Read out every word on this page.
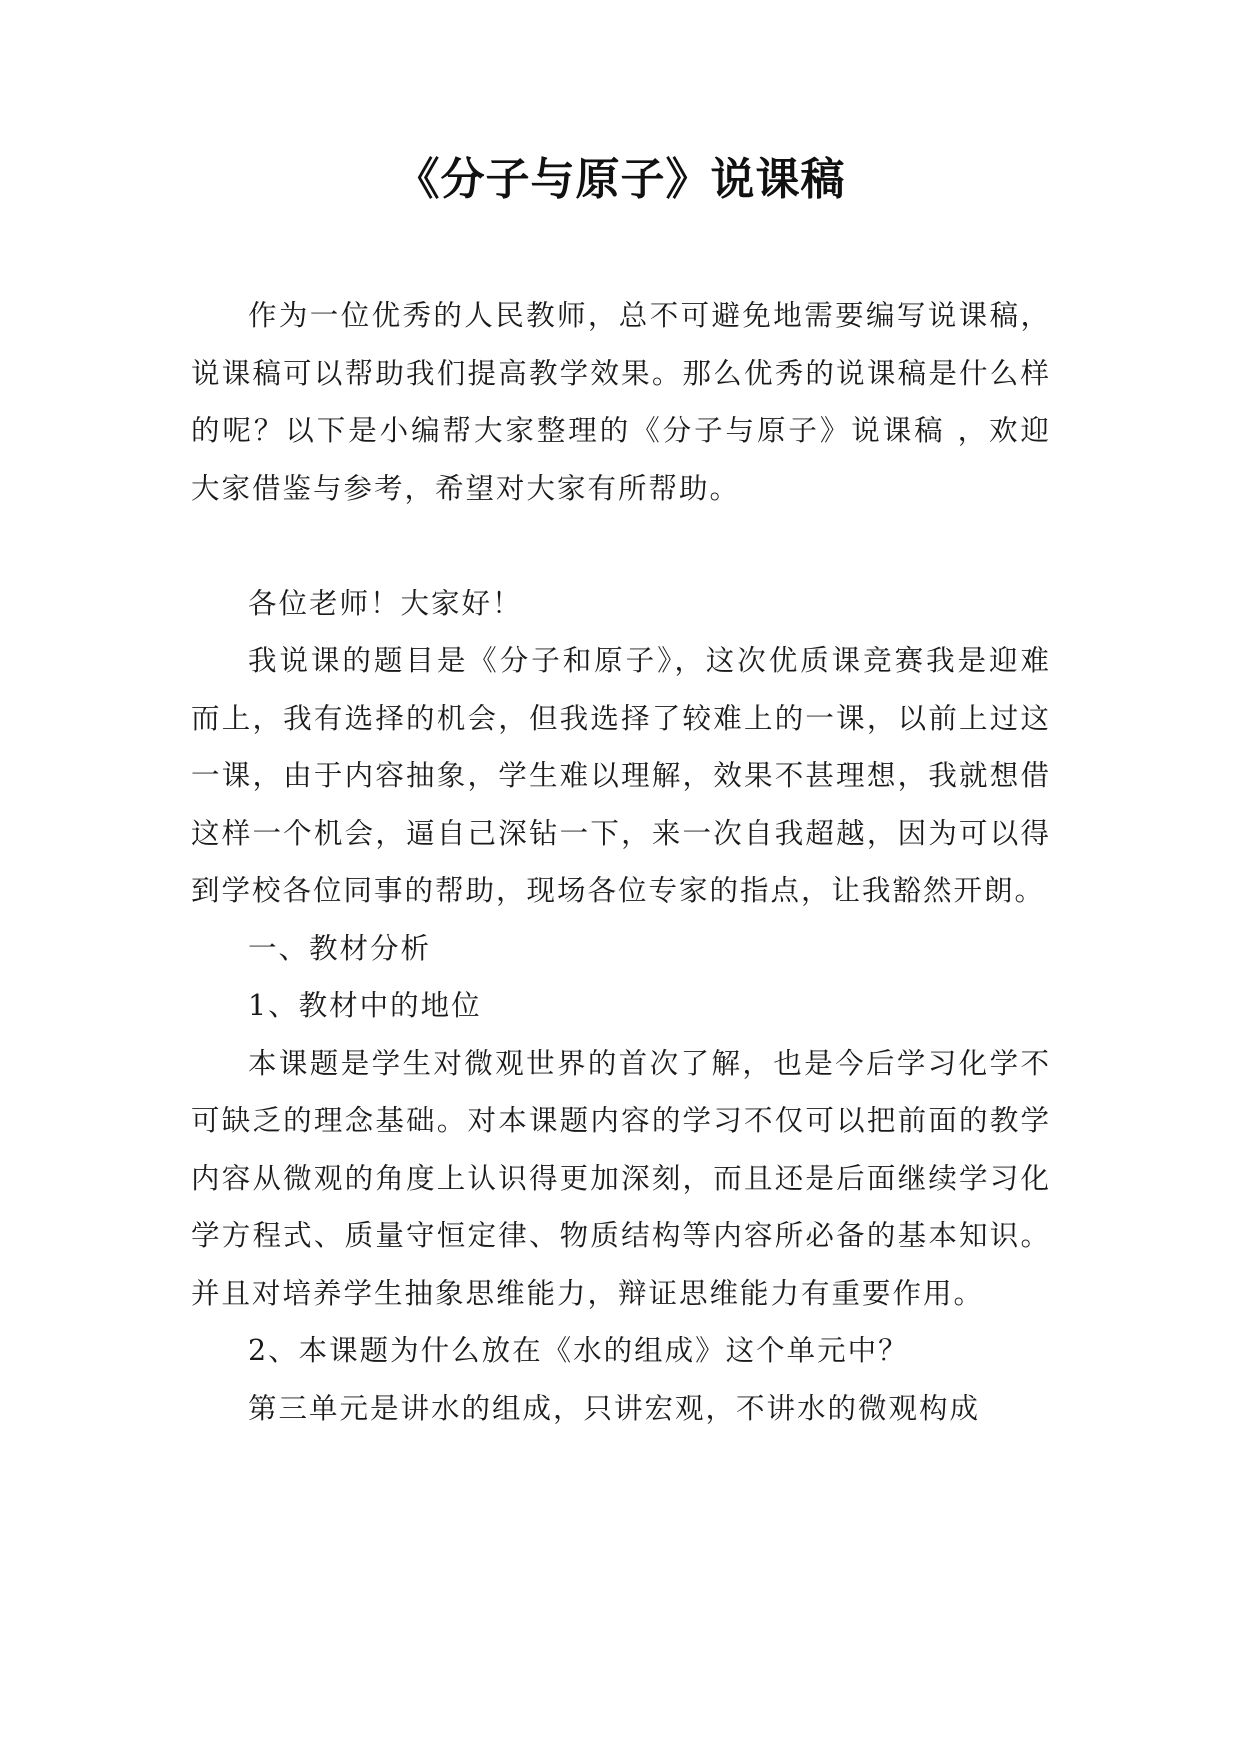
《分子与原子》说课稿

作为一位优秀的人民教师，总不可避免地需要编写说课稿，说课稿可以帮助我们提高教学效果。那么优秀的说课稿是什么样的呢？以下是小编帮大家整理的《分子与原子》说课稿 ，欢迎大家借鉴与参考，希望对大家有所帮助。

各位老师！大家好！

我说课的题目是《分子和原子》，这次优质课竞赛我是迎难而上，我有选择的机会，但我选择了较难上的一课，以前上过这一课，由于内容抽象，学生难以理解，效果不甚理想，我就想借这样一个机会，逼自己深钻一下，来一次自我超越，因为可以得到学校各位同事的帮助，现场各位专家的指点，让我豁然开朗。

一、教材分析

1、教材中的地位

本课题是学生对微观世界的首次了解，也是今后学习化学不可缺乏的理念基础。对本课题内容的学习不仅可以把前面的教学内容从微观的角度上认识得更加深刻，而且还是后面继续学习化学方程式、质量守恒定律、物质结构等内容所必备的基本知识。并且对培养学生抽象思维能力，辩证思维能力有重要作用。

2、本课题为什么放在《水的组成》这个单元中？

第三单元是讲水的组成，只讲宏观，不讲水的微观构成
